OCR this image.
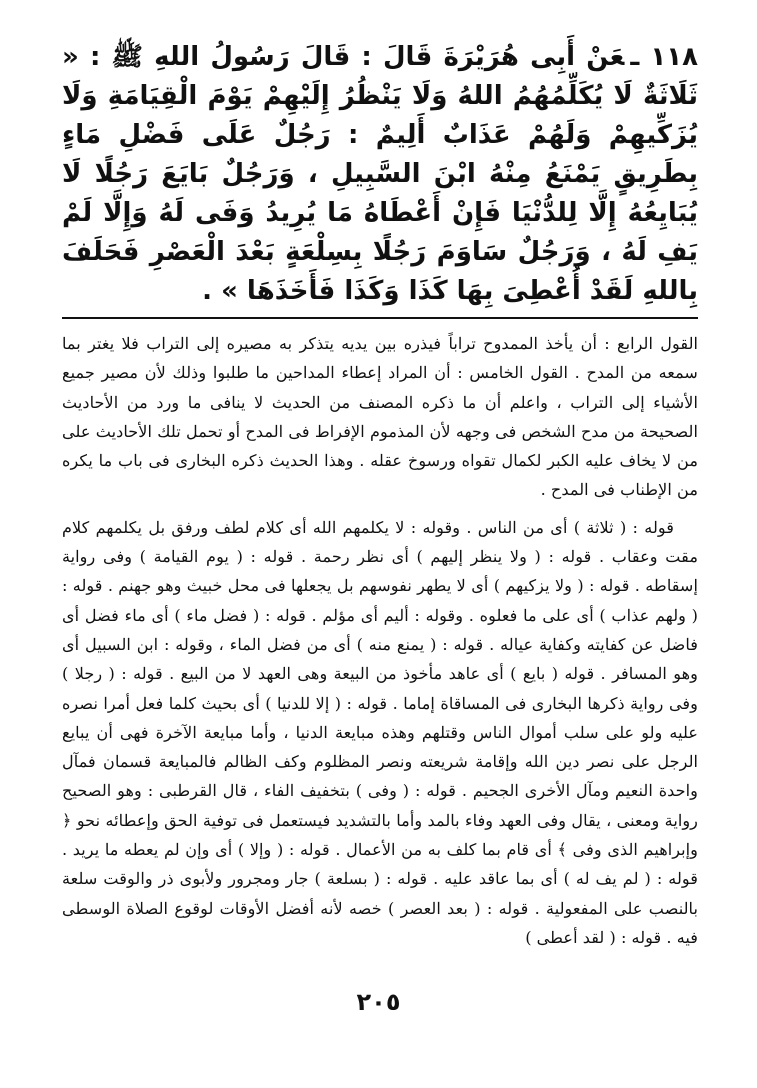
١١٨ ـعَنْ أَبِى هُرَيْرَةَ قَالَ : قَالَ رَسُولُ اللهِ ﷺ : « ثَلَاثَةٌ لَا يُكَلِّمُهُمُ اللهُ وَلَا يَنْظُرُ إِلَيْهِمْ يَوْمَ الْقِيَامَةِ وَلَا يُزَكِّيهِمْ وَلَهُمْ عَذَابٌ أَلِيمٌ : رَجُلٌ عَلَى فَضْلِ مَاءٍ بِطَرِيقٍ يَمْنَعُ مِنْهُ ابْنَ السَّبِيلِ ، وَرَجُلٌ بَايَعَ رَجُلًا لَا يُبَايِعُهُ إِلَّا لِلدُّنْيَا فَإِنْ أَعْطَاهُ مَا يُرِيدُ وَفَى لَهُ وَإِلَّا لَمْ يَفِ لَهُ ، وَرَجُلٌ سَاوَمَ رَجُلًا بِسِلْعَةٍ بَعْدَ الْعَصْرِ فَحَلَفَ بِاللهِ لَقَدْ أُعْطِىَ بِهَا كَذَا وَكَذَا فَأَخَذَهَا » .

القول الرابع : أن يأخذ الممدوح تراباً فيذره بين يديه يتذكر به مصيره إلى التراب فلا يغتر بما سمعه من المدح . القول الخامس : أن المراد إعطاء المداحين ما طلبوا وذلك لأن مصير جميع الأشياء إلى التراب ، واعلم أن ما ذكره المصنف من الحديث لا ينافى ما ورد من الأحاديث الصحيحة من مدح الشخص فى وجهه لأن المذموم الإفراط فى المدح أو تحمل تلك الأحاديث على من لا يخاف عليه الكبر لكمال تقواه ورسوخ عقله . وهذا الحديث ذكره البخارى فى باب ما يكره من الإطناب فى المدح .

قوله : ( ثلاثة ) أى من الناس . وقوله : لا يكلمهم الله أى كلام لطف ورفق بل يكلمهم كلام مقت وعقاب . قوله : ( ولا ينظر إليهم ) أى نظر رحمة . قوله : ( يوم القيامة ) وفى رواية إسقاطه . قوله : ( ولا يزكيهم ) أى لا يطهر نفوسهم بل يجعلها فى محل خبيث وهو جهنم . قوله : ( ولهم عذاب ) أى على ما فعلوه . وقوله : أليم أى مؤلم . قوله : ( فضل ماء ) أى ماء فضل أى فاضل عن كفايته وكفاية عياله . قوله : ( يمنع منه ) أى من فضل الماء ، وقوله : ابن السبيل أى وهو المسافر . قوله ( بايع ) أى عاهد مأخوذ من البيعة وهى العهد لا من البيع . قوله : ( رجلا ) وفى رواية ذكرها البخارى فى المساقاة إماما . قوله : ( إلا للدنيا ) أى بحيث كلما فعل أمرا نصره عليه ولو على سلب أموال الناس وقتلهم وهذه مبايعة الدنيا ، وأما مبايعة الآخرة فهى أن يبايع الرجل على نصر دين الله وإقامة شريعته ونصر المظلوم وكف الظالم فالمبايعة قسمان فمآل واحدة النعيم ومآل الأخرى الجحيم . قوله : ( وفى ) بتخفيف الفاء ، قال القرطبى : وهو الصحيح رواية ومعنى ، يقال وفى العهد وفاء بالمد وأما بالتشديد فيستعمل فى توفية الحق وإعطائه نحو ﴿ وإبراهيم الذى وفى ﴾ أى قام بما كلف به من الأعمال . قوله : ( وإلا ) أى وإن لم يعطه ما يريد . قوله : ( لم يف له ) أى بما عاقد عليه . قوله : ( بسلعة ) جار ومجرور ولأبوى ذر والوقت سلعة بالنصب على المفعولية . قوله : ( بعد العصر ) خصه لأنه أفضل الأوقات لوقوع الصلاة الوسطى فيه . قوله : ( لقد أعطى )

٢٠٥
